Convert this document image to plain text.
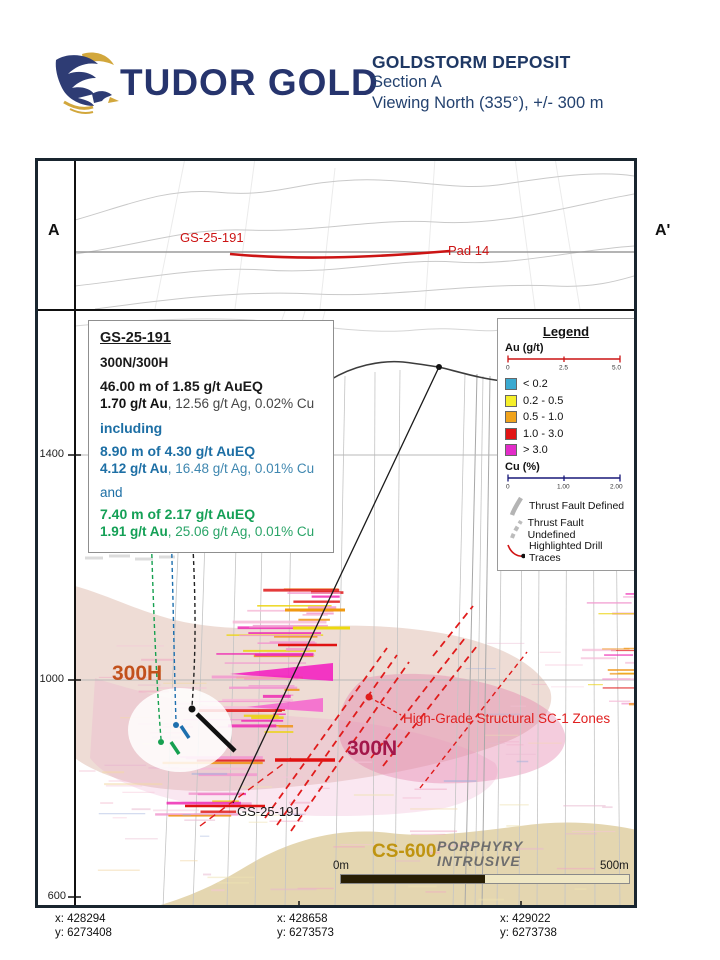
TUDOR GOLD
GOLDSTORM DEPOSIT
Section A
Viewing North (335°), +/- 300 m
A	A'
1400
1000
600
GS-25-191
Pad 14
300H
300N
CS-600 PORPHYRY
INTRUSIVE
High-Grade Structural SC-1 Zones
GS-25-191
0m	500m
x: 428294
y: 6273408
x: 428658
y: 6273573
x: 429022
y: 6273738
GS-25-191
300N/300H
46.00 m of 1.85 g/t AuEQ
1.70 g/t Au, 12.56 g/t Ag, 0.02% Cu
including
8.90 m of 4.30 g/t AuEQ
4.12 g/t Au, 16.48 g/t Ag, 0.01% Cu
and
7.40 m of 2.17 g/t AuEQ
1.91 g/t Au, 25.06 g/t Ag, 0.01% Cu
Legend
Au (g/t)
0	2.5	5.0
< 0.2
0.2 - 0.5
0.5 - 1.0
1.0 - 3.0
> 3.0
Cu (%)
0	1.00	2.00
Thrust Fault Defined
Thrust Fault Undefined
Highlighted Drill Traces
